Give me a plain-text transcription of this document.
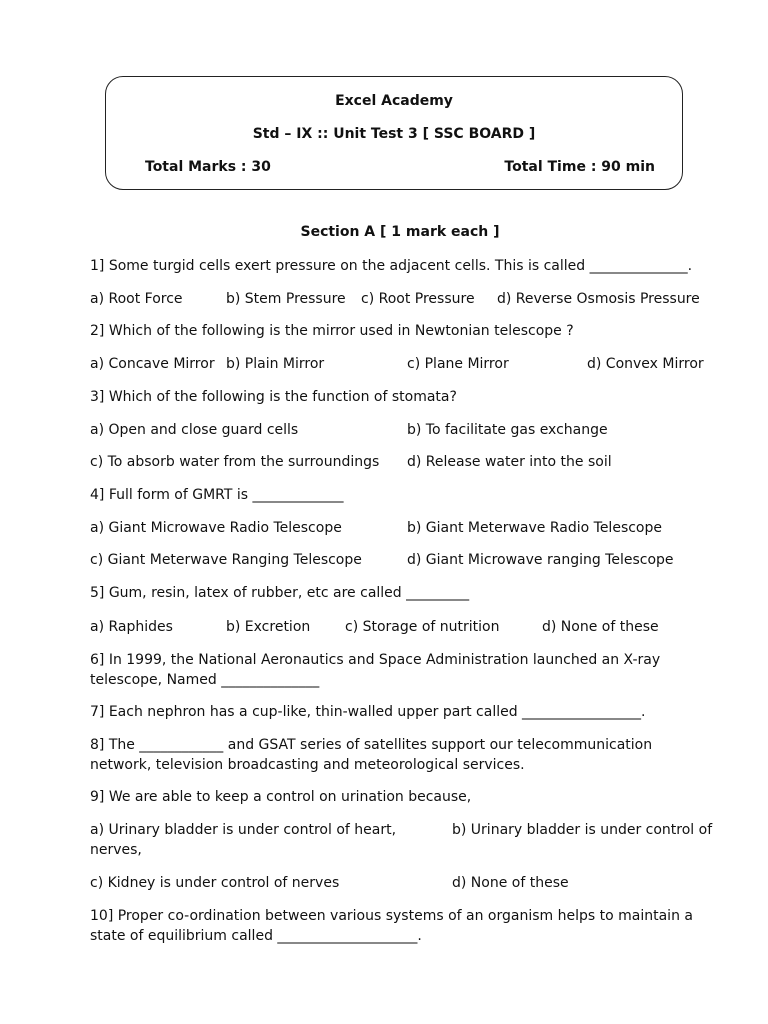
Excel Academy
Std – IX :: Unit Test 3 [ SSC BOARD ]
Total Marks : 30	Total Time : 90 min
Section A [ 1 mark each ]
1] Some turgid cells exert pressure on the adjacent cells. This is called ______________.
a) Root Force	b) Stem Pressure c) Root Pressure d) Reverse Osmosis Pressure
2] Which of the following is the mirror used in Newtonian telescope ?
a) Concave Mirror b) Plain Mirror	c) Plane Mirror	d) Convex Mirror
3] Which of the following is the function of stomata?
a) Open and close guard cells	b) To facilitate gas exchange
c) To absorb water from the surroundings d) Release water into the soil
4] Full form of GMRT is _____________
a) Giant Microwave Radio Telescope	b) Giant Meterwave Radio Telescope
c) Giant Meterwave Ranging Telescope	d) Giant Microwave ranging Telescope
5] Gum, resin, latex of rubber, etc are called _________
a) Raphides	b) Excretion c) Storage of nutrition	d) None of these
6] In 1999, the National Aeronautics and Space Administration launched an X-ray telescope, Named ______________
7] Each nephron has a cup-like, thin-walled upper part called _________________.
8] The ____________ and GSAT series of satellites support our telecommunication network, television broadcasting and meteorological services.
9] We are able to keep a control on urination because,
a) Urinary bladder is under control of heart,	b) Urinary bladder is under control of
nerves,
c) Kidney is under control of nerves	d) None of these
10] Proper co-ordination between various systems of an organism helps to maintain a state of equilibrium called ____________________.
